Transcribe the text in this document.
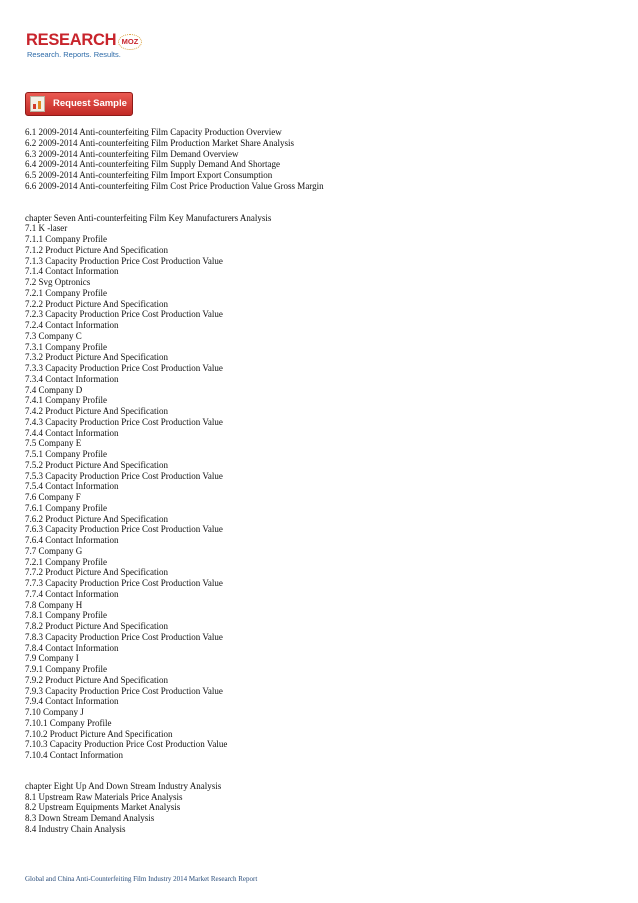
RESEARCH MOZ
Research. Reports. Results.
Request Sample
6.1 2009-2014 Anti-counterfeiting Film Capacity Production Overview
6.2 2009-2014 Anti-counterfeiting Film Production Market Share Analysis
6.3 2009-2014 Anti-counterfeiting Film Demand Overview
6.4 2009-2014 Anti-counterfeiting Film Supply Demand And Shortage
6.5 2009-2014 Anti-counterfeiting Film Import Export Consumption
6.6 2009-2014 Anti-counterfeiting Film Cost Price Production Value Gross Margin
chapter Seven Anti-counterfeiting Film Key Manufacturers Analysis
7.1 K -laser
7.1.1 Company Profile
7.1.2 Product Picture And Specification
7.1.3 Capacity Production Price Cost Production Value
7.1.4 Contact Information
7.2 Svg Optronics
7.2.1 Company Profile
7.2.2 Product Picture And Specification
7.2.3 Capacity Production Price Cost Production Value
7.2.4 Contact Information
7.3 Company C
7.3.1 Company Profile
7.3.2 Product Picture And Specification
7.3.3 Capacity Production Price Cost Production Value
7.3.4 Contact Information
7.4 Company D
7.4.1 Company Profile
7.4.2 Product Picture And Specification
7.4.3 Capacity Production Price Cost Production Value
7.4.4 Contact Information
7.5 Company E
7.5.1 Company Profile
7.5.2 Product Picture And Specification
7.5.3 Capacity Production Price Cost Production Value
7.5.4 Contact Information
7.6 Company F
7.6.1 Company Profile
7.6.2 Product Picture And Specification
7.6.3 Capacity Production Price Cost Production Value
7.6.4 Contact Information
7.7 Company G
7.2.1 Company Profile
7.7.2 Product Picture And Specification
7.7.3 Capacity Production Price Cost Production Value
7.7.4 Contact Information
7.8 Company H
7.8.1 Company Profile
7.8.2 Product Picture And Specification
7.8.3 Capacity Production Price Cost Production Value
7.8.4 Contact Information
7.9 Company I
7.9.1 Company Profile
7.9.2 Product Picture And Specification
7.9.3 Capacity Production Price Cost Production Value
7.9.4 Contact Information
7.10 Company J
7.10.1 Company Profile
7.10.2 Product Picture And Specification
7.10.3 Capacity Production Price Cost Production Value
7.10.4 Contact Information
chapter Eight Up And Down Stream Industry Analysis
8.1 Upstream Raw Materials Price Analysis
8.2 Upstream Equipments Market Analysis
8.3 Down Stream Demand Analysis
8.4 Industry Chain Analysis
Global and China Anti-Counterfeiting Film Industry 2014 Market Research Report
